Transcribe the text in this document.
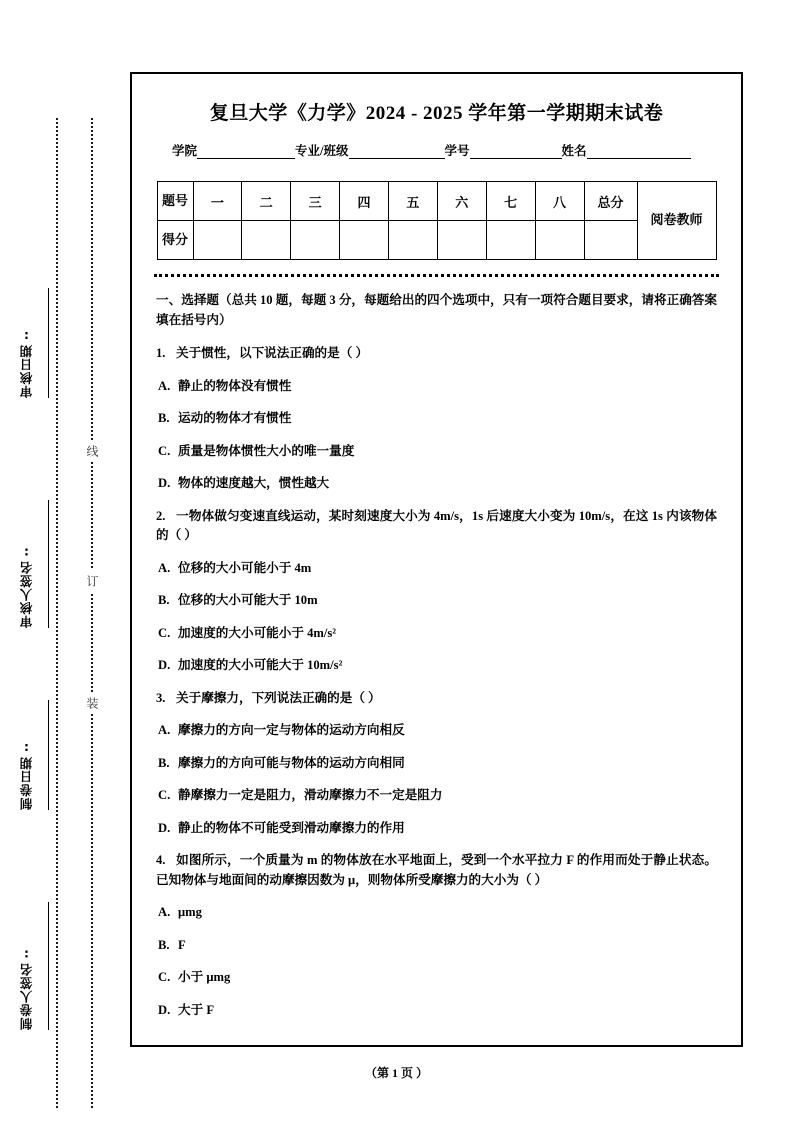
线
订
装
审核日期:
审核人签名:
制卷日期:
制卷人签名:
复旦大学《力学》2024 - 2025 学年第一学期期末试卷
学院	专业/班级	学号	姓名
题号	一	二	三	四	五	六	七	八	总分	阅卷教师

得分										

一、选择题（总共 10 题，每题 3 分，每题给出的四个选项中，只有一项符合题目要求，请将正确答案填在括号内）
1. 关于惯性，以下说法正确的是（ ）
A. 静止的物体没有惯性
B. 运动的物体才有惯性
C. 质量是物体惯性大小的唯一量度
D. 物体的速度越大，惯性越大
2. 一物体做匀变速直线运动，某时刻速度大小为 4m/s，1s 后速度大小变为 10m/s，在这 1s 内该物体的（ ）
A. 位移的大小可能小于 4m
B. 位移的大小可能大于 10m
C. 加速度的大小可能小于 4m/s²
D. 加速度的大小可能大于 10m/s²
3. 关于摩擦力，下列说法正确的是（ ）
A. 摩擦力的方向一定与物体的运动方向相反
B. 摩擦力的方向可能与物体的运动方向相同
C. 静摩擦力一定是阻力，滑动摩擦力不一定是阻力
D. 静止的物体不可能受到滑动摩擦力的作用
4. 如图所示，一个质量为 m 的物体放在水平地面上，受到一个水平拉力 F 的作用而处于静止状态。已知物体与地面间的动摩擦因数为 μ，则物体所受摩擦力的大小为（ ）
A. μmg
B. F
C. 小于 μmg
D. 大于 F
（第 1 页 ）
